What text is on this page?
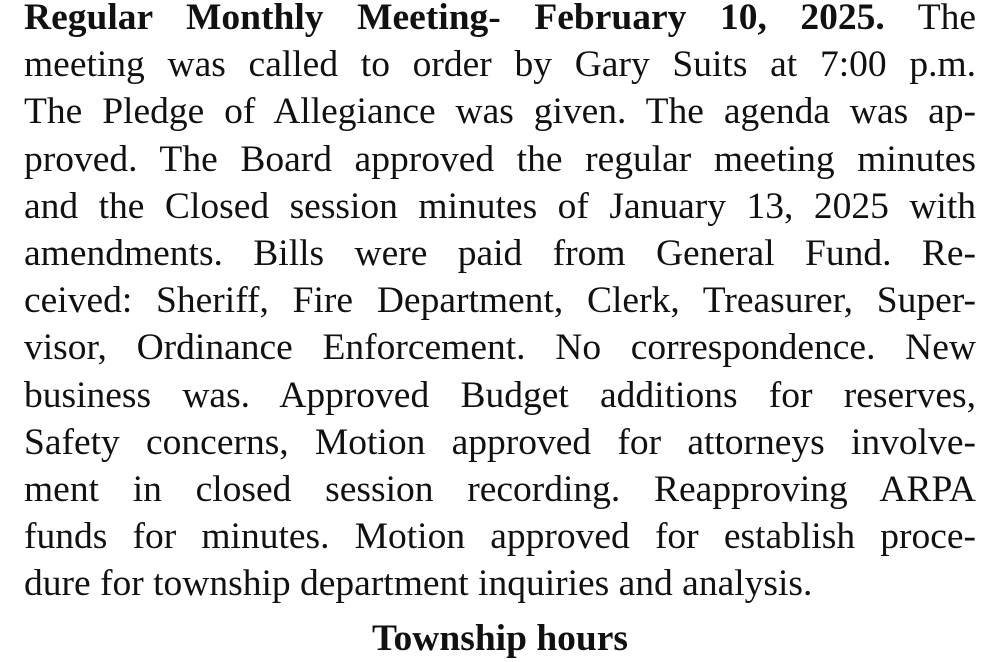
Regular Monthly Meeting- February 10, 2025. The
meeting was called to order by Gary Suits at 7:00 p.m.
The Pledge of Allegiance was given. The agenda was ap-
proved. The Board approved the regular meeting minutes
and the Closed session minutes of January 13, 2025 with
amendments. Bills were paid from General Fund. Re-
ceived: Sheriff, Fire Department, Clerk, Treasurer, Super-
visor, Ordinance Enforcement. No correspondence. New
business was. Approved Budget additions for reserves,
Safety concerns, Motion approved for attorneys involve-
ment in closed session recording. Reapproving ARPA
funds for minutes. Motion approved for establish proce-
dure for township department inquiries and analysis.
Township hours
